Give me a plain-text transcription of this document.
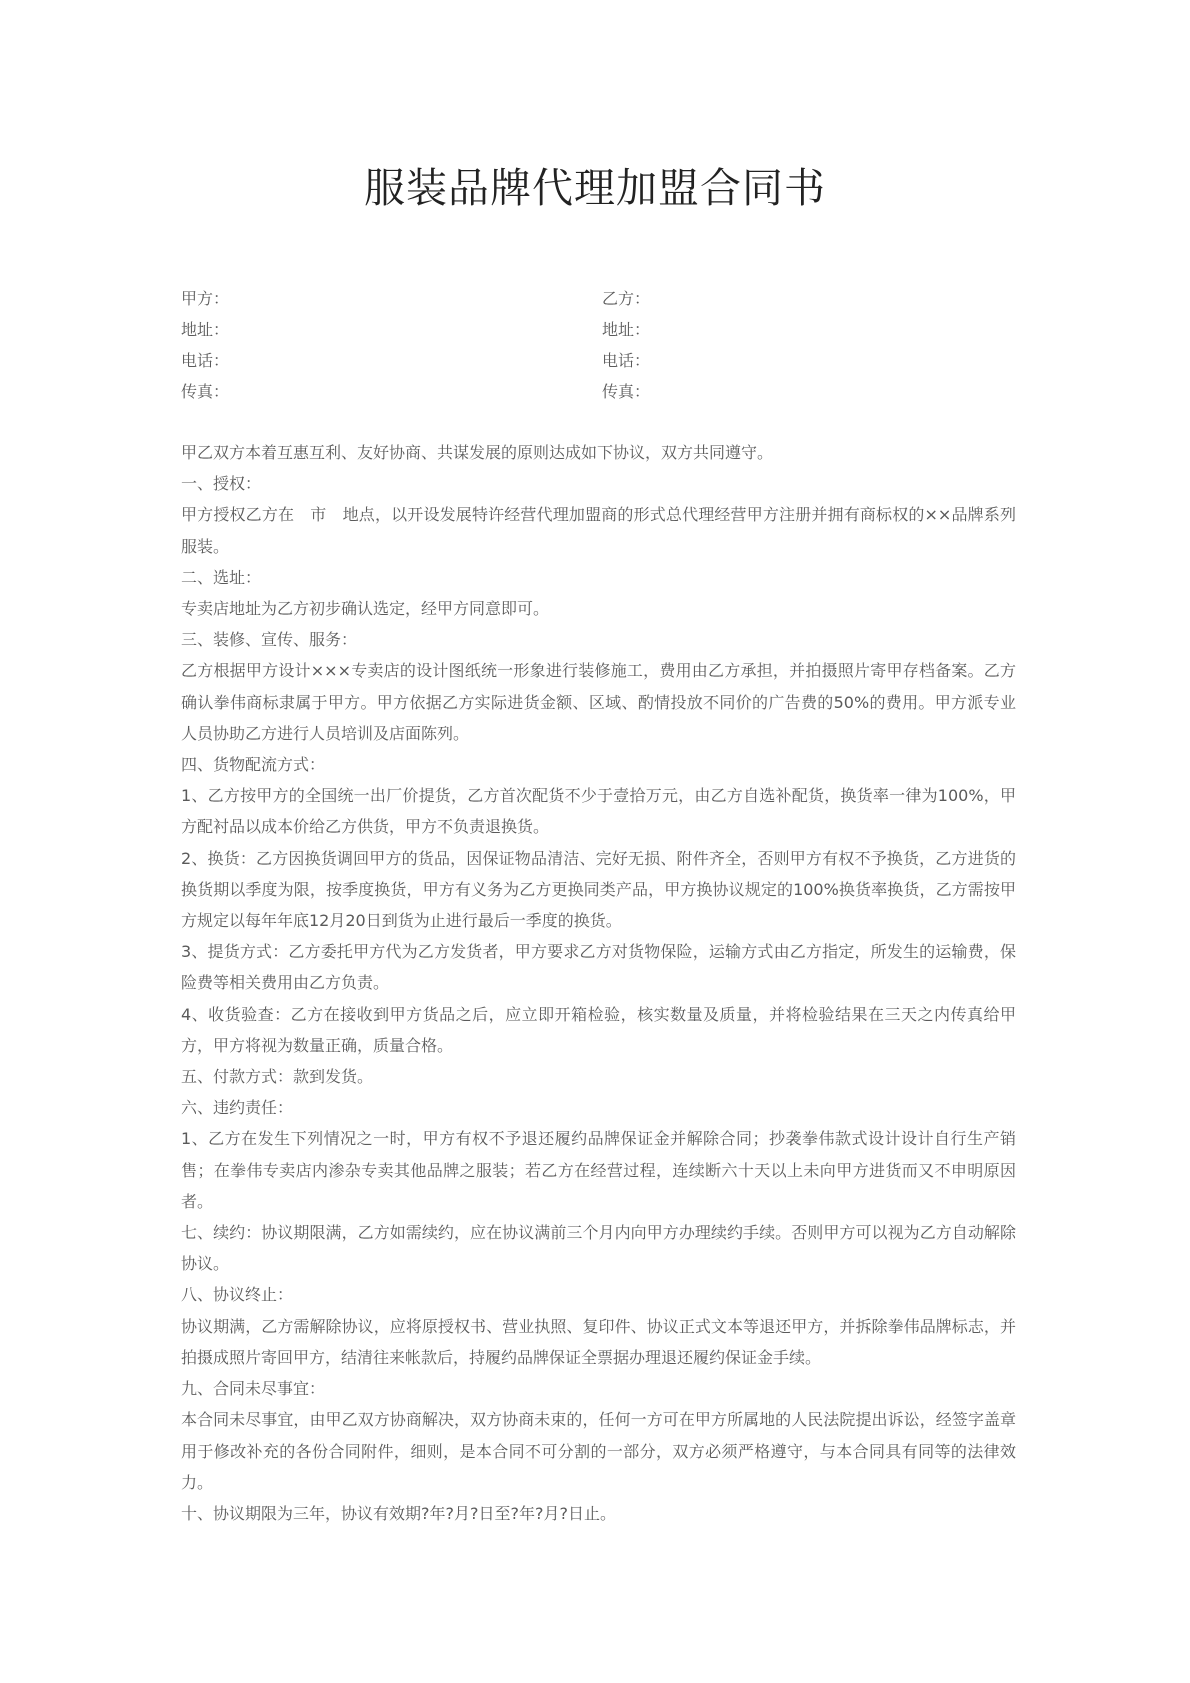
服装品牌代理加盟合同书
甲方：	乙方：
地址：	地址：
电话：	电话：
传真：	传真：

甲乙双方本着互惠互利、友好协商、共谋发展的原则达成如下协议，双方共同遵守。

一、授权：

甲方授权乙方在　市　地点，以开设发展特许经营代理加盟商的形式总代理经营甲方注册并拥有商标权的××品牌系列服装。

二、选址：

专卖店地址为乙方初步确认选定，经甲方同意即可。

三、装修、宣传、服务：

乙方根据甲方设计×××专卖店的设计图纸统一形象进行装修施工，费用由乙方承担，并拍摄照片寄甲存档备案。乙方确认拳伟商标隶属于甲方。甲方依据乙方实际进货金额、区域、酌情投放不同价的广告费的50%的费用。甲方派专业人员协助乙方进行人员培训及店面陈列。

四、货物配流方式：

1、乙方按甲方的全国统一出厂价提货，乙方首次配货不少于壹拾万元，由乙方自选补配货，换货率一律为100%，甲方配衬品以成本价给乙方供货，甲方不负责退换货。

2、换货：乙方因换货调回甲方的货品，因保证物品清洁、完好无损、附件齐全，否则甲方有权不予换货，乙方进货的换货期以季度为限，按季度换货，甲方有义务为乙方更换同类产品，甲方换协议规定的100%换货率换货，乙方需按甲方规定以每年年底12月20日到货为止进行最后一季度的换货。

3、提货方式：乙方委托甲方代为乙方发货者，甲方要求乙方对货物保险，运输方式由乙方指定，所发生的运输费，保险费等相关费用由乙方负责。

4、收货验查：乙方在接收到甲方货品之后，应立即开箱检验，核实数量及质量，并将检验结果在三天之内传真给甲方，甲方将视为数量正确，质量合格。

五、付款方式：款到发货。

六、违约责任：

1、乙方在发生下列情况之一时，甲方有权不予退还履约品牌保证金并解除合同；抄袭拳伟款式设计设计自行生产销售；在拳伟专卖店内渗杂专卖其他品牌之服装；若乙方在经营过程，连续断六十天以上未向甲方进货而又不申明原因者。

七、续约：协议期限满，乙方如需续约，应在协议满前三个月内向甲方办理续约手续。否则甲方可以视为乙方自动解除协议。

八、协议终止：

协议期满，乙方需解除协议，应将原授权书、营业执照、复印件、协议正式文本等退还甲方，并拆除拳伟品牌标志，并拍摄成照片寄回甲方，结清往来帐款后，持履约品牌保证全票据办理退还履约保证金手续。

九、合同未尽事宜：

本合同未尽事宜，由甲乙双方协商解决，双方协商未束的，任何一方可在甲方所属地的人民法院提出诉讼，经签字盖章用于修改补充的各份合同附件，细则，是本合同不可分割的一部分，双方必须严格遵守，与本合同具有同等的法律效力。

十、协议期限为三年，协议有效期?年?月?日至?年?月?日止。
